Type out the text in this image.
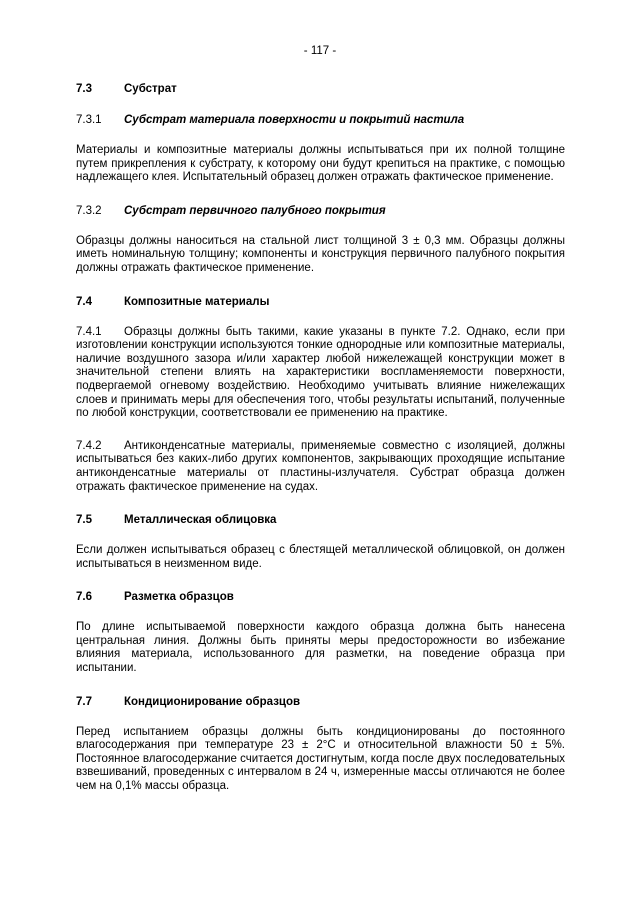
- 117 -
7.3	Субстрат
7.3.1	Субстрат материала поверхности и покрытий настила

Материалы и композитные материалы должны испытываться при их полной толщине путем прикрепления к субстрату, к которому они будут крепиться на практике, с помощью надлежащего клея. Испытательный образец должен отражать фактическое применение.

7.3.2	Субстрат первичного палубного покрытия

Образцы должны наноситься на стальной лист толщиной 3 ± 0,3 мм. Образцы должны иметь номинальную толщину; компоненты и конструкция первичного палубного покрытия должны отражать фактическое применение.

7.4	Композитные материалы

7.4.1 Образцы должны быть такими, какие указаны в пункте 7.2. Однако, если при изготовлении конструкции используются тонкие однородные или композитные материалы, наличие воздушного зазора и/или характер любой нижележащей конструкции может в значительной степени влиять на характеристики воспламеняемости поверхности, подвергаемой огневому воздействию. Необходимо учитывать влияние нижележащих слоев и принимать меры для обеспечения того, чтобы результаты испытаний, полученные по любой конструкции, соответствовали ее применению на практике.

7.4.2 Антиконденсатные материалы, применяемые совместно с изоляцией, должны испытываться без каких-либо других компонентов, закрывающих проходящие испытание антиконденсатные материалы от пластины-излучателя. Субстрат образца должен отражать фактическое применение на судах.

7.5	Металлическая облицовка

Если должен испытываться образец с блестящей металлической облицовкой, он должен испытываться в неизменном виде.

7.6	Разметка образцов

По длине испытываемой поверхности каждого образца должна быть нанесена центральная линия. Должны быть приняты меры предосторожности во избежание влияния материала, использованного для разметки, на поведение образца при испытании.

7.7	Кондиционирование образцов

Перед испытанием образцы должны быть кондиционированы до постоянного влагосодержания при температуре 23 ± 2°С и относительной влажности 50 ± 5%. Постоянное влагосодержание считается достигнутым, когда после двух последовательных взвешиваний, проведенных с интервалом в 24 ч, измеренные массы отличаются не более чем на 0,1% массы образца.
